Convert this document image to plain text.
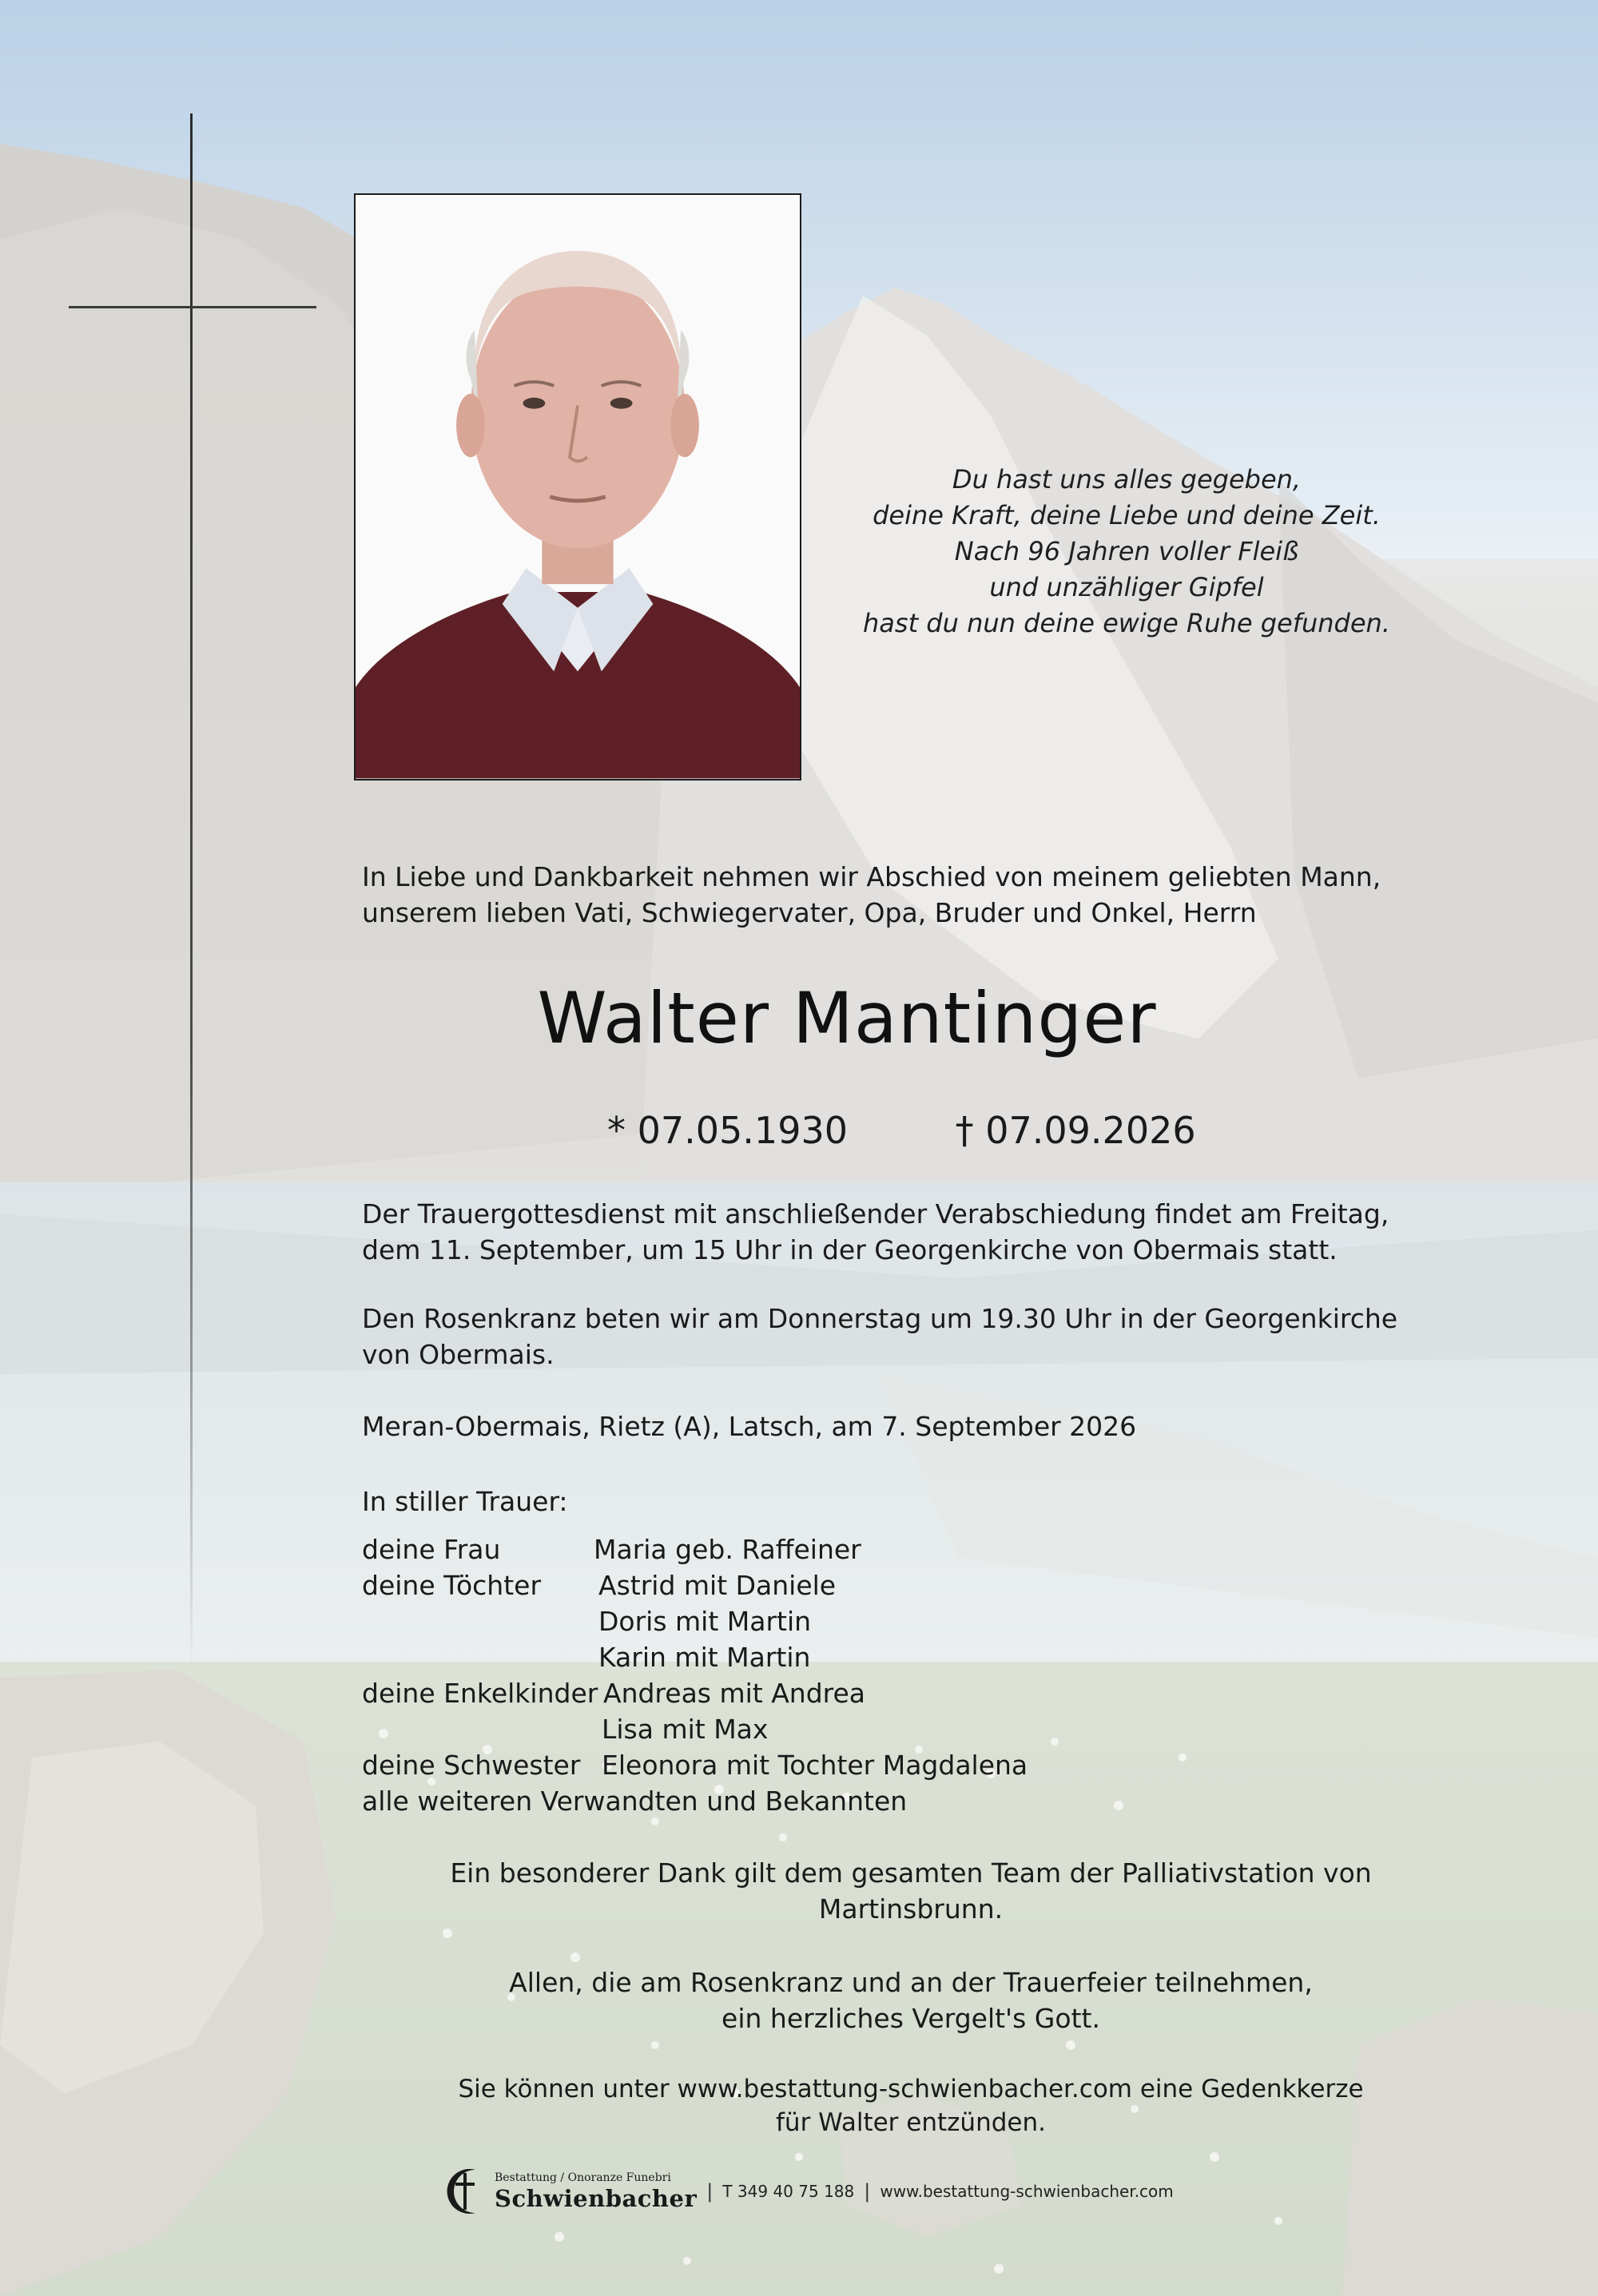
Du hast uns alles gegeben,
deine Kraft, deine Liebe und deine Zeit.
Nach 96 Jahren voller Fleiß
und unzähliger Gipfel
hast du nun deine ewige Ruhe gefunden.
In Liebe und Dankbarkeit nehmen wir Abschied von meinem geliebten Mann,
unserem lieben Vati, Schwiegervater, Opa, Bruder und Onkel, Herrn
Walter Mantinger
* 07.05.1930	† 07.09.2026
Der Trauergottesdienst mit anschließender Verabschiedung findet am Freitag,
dem 11. September, um 15 Uhr in der Georgenkirche von Obermais statt.
Den Rosenkranz beten wir am Donnerstag um 19.30 Uhr in der Georgenkirche
von Obermais.
Meran-Obermais, Rietz (A), Latsch, am 7. September 2026
In stiller Trauer:
deine Frau	Maria geb. Raffeiner
deine Töchter Astrid mit Daniele
Doris mit Martin
Karin mit Martin
deine Enkelkinder Andreas mit Andrea
Lisa mit Max
deine Schwester Eleonora mit Tochter Magdalena
alle weiteren Verwandten und Bekannten
Ein besonderer Dank gilt dem gesamten Team der Palliativstation von
Martinsbrunn.
Allen, die am Rosenkranz und an der Trauerfeier teilnehmen,
ein herzliches Vergelt's Gott.
Sie können unter www.bestattung-schwienbacher.com eine Gedenkkerze
für Walter entzünden.
Bestattung / Onoranze Funebri
Schwienbacher | T 349 40 75 188 | www.bestattung-schwienbacher.com
